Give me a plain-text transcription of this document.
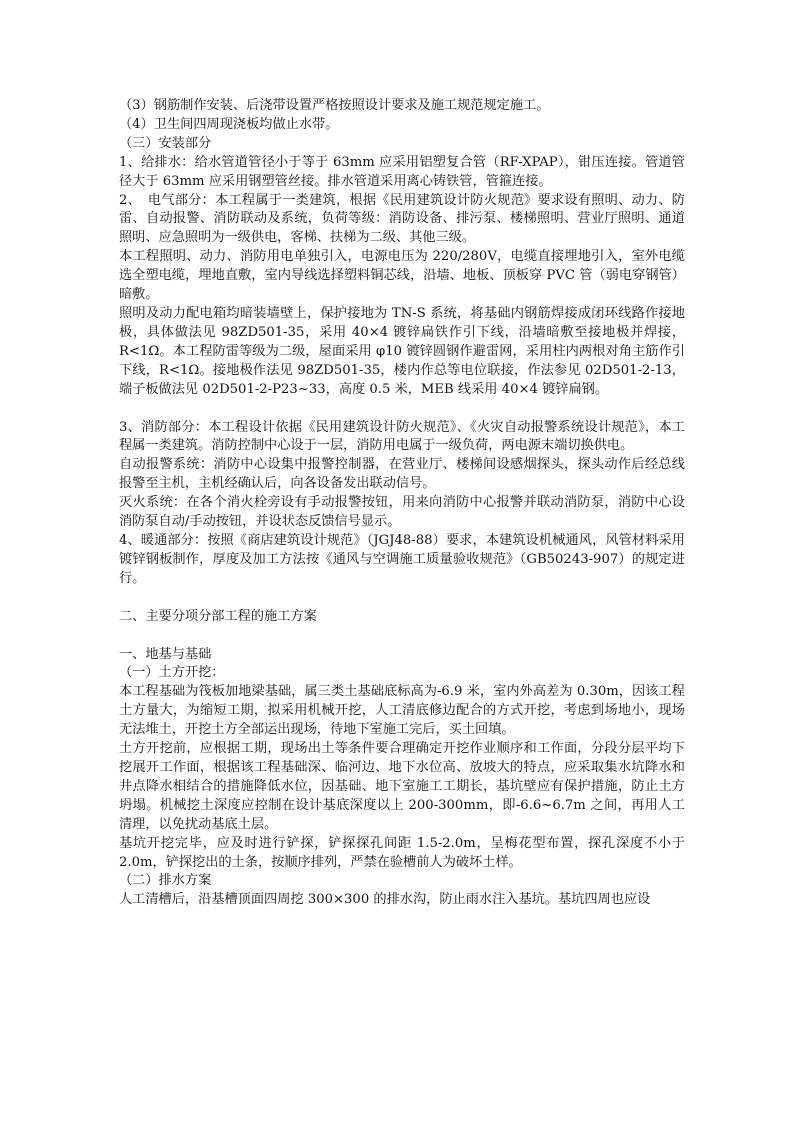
（3）钢筋制作安装、后浇带设置严格按照设计要求及施工规范规定施工。

（4）卫生间四周现浇板均做止水带。

（三）安装部分

1、给排水：给水管道管径小于等于 63mm 应采用铝塑复合管（RF-XPAP），钳压连接。管道管径大于 63mm 应采用钢塑管丝接。排水管道采用离心铸铁管，管箍连接。

2、　电气部分：本工程属于一类建筑，根据《民用建筑设计防火规范》要求设有照明、动力、防雷、自动报警、消防联动及系统，负荷等级：消防设备、排污泵、楼梯照明、营业厅照明、通道照明、应急照明为一级供电，客梯、扶梯为二级、其他三级。

本工程照明、动力、消防用电单独引入，电源电压为 220/280V，电缆直接埋地引入，室外电缆选全塑电缆，埋地直敷，室内导线选择塑料铜芯线，沿墙、地板、顶板穿 PVC 管（弱电穿钢管）暗敷。

照明及动力配电箱均暗装墙壁上，保护接地为 TN-S 系统，将基础内钢筋焊接成闭环线路作接地极，具体做法见 98ZD501-35，采用 40×4 镀锌扁铁作引下线，沿墙暗敷至接地极并焊接，R<1Ω。本工程防雷等级为二级，屋面采用 φ10 镀锌圆钢作避雷网，采用柱内两根对角主筋作引下线，R<1Ω。接地极作法见 98ZD501-35，楼内作总等电位联接，作法参见 02D501-2-13，端子板做法见 02D501-2-P23~33，高度 0.5 米，MEB 线采用 40×4 镀锌扁钢。

3、消防部分：本工程设计依据《民用建筑设计防火规范》、《火灾自动报警系统设计规范》，本工程属一类建筑。消防控制中心设于一层，消防用电属于一级负荷，两电源末端切换供电。

自动报警系统：消防中心设集中报警控制器，在营业厅、楼梯间设感烟探头，探头动作后经总线报警至主机，主机经确认后，向各设备发出联动信号。

灭火系统：在各个消火栓旁设有手动报警按钮，用来向消防中心报警并联动消防泵，消防中心设消防泵自动/手动按钮，并设状态反馈信号显示。

4、暖通部分：按照《商店建筑设计规范》（JGJ48-88）要求，本建筑设机械通风，风管材料采用镀锌钢板制作，厚度及加工方法按《通风与空调施工质量验收规范》（GB50243-907）的规定进行。

二、主要分项分部工程的施工方案

一、地基与基础

（一）土方开挖：

本工程基础为筏板加地梁基础，属三类土基础底标高为-6.9 米，室内外高差为 0.30m，因该工程土方量大，为缩短工期，拟采用机械开挖，人工清底修边配合的方式开挖，考虑到场地小，现场无法堆土，开挖土方全部运出现场，待地下室施工完后，买土回填。

土方开挖前，应根据工期，现场出土等条件要合理确定开挖作业顺序和工作面，分段分层平均下挖展开工作面，根据该工程基础深、临河边、地下水位高、放坡大的特点，应采取集水坑降水和井点降水相结合的措施降低水位，因基础、地下室施工工期长，基坑壁应有保护措施，防止土方坍塌。机械挖土深度应控制在设计基底深度以上 200-300mm，即-6.6~6.7m 之间，再用人工清理，以免扰动基底土层。

基坑开挖完毕，应及时进行铲探，铲探探孔间距 1.5-2.0m，呈梅花型布置，探孔深度不小于 2.0m，铲探挖出的土条，按顺序排列，严禁在验槽前人为破坏土样。

（二）排水方案

人工清槽后，沿基槽顶面四周挖 300×300 的排水沟，防止雨水注入基坑。基坑四周也应设
